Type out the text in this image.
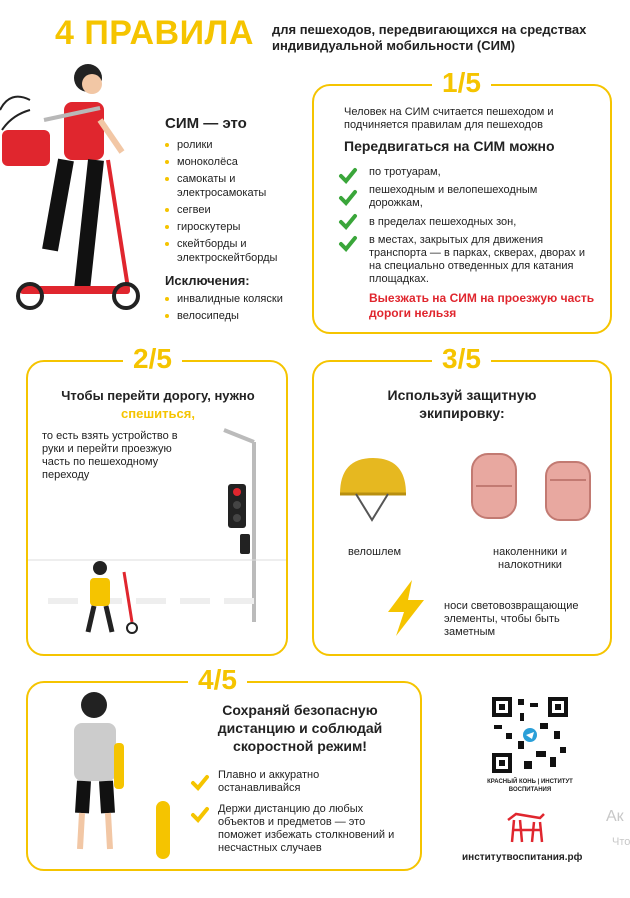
4 ПРАВИЛА для пешеходов, передвигающихся на средствах индивидуальной мобильности (СИМ)
СИМ — это
ролики
моноколёса
самокаты и электросамокаты
сегвеи
гироскутеры
скейтборды и электроскейтборды
Исключения:
инвалидные коляски
велосипеды
1/5
Человек на СИМ считается пешеходом и подчиняется правилам для пешеходов
Передвигаться на СИМ можно
по тротуарам,
пешеходным и велопешеходным дорожкам,
в пределах пешеходных зон,
в местах, закрытых для движения транспорта — в парках, скверах, дворах и на специально отведенных для катания площадках.
Выезжать на СИМ на проезжую часть дороги нельзя
2/5
Чтобы перейти дорогу, нужно
спешиться,
то есть взять устройство в руки и перейти проезжую часть по пешеходному переходу
3/5
Используй защитную экипировку:
велошлем	наколенники и налокотники
носи световозвращающие элементы, чтобы быть заметным
4/5
Сохраняй безопасную дистанцию и соблюдай скоростной режим!
Плавно и аккуратно останавливайся
Держи дистанцию до любых объектов и предметов — это поможет избежать столкновений и несчастных случаев
КРАСНЫЙ КОНЬ | ИНСТИТУТ ВОСПИТАНИЯ
институтвоспитания.рф
Ак
Что
